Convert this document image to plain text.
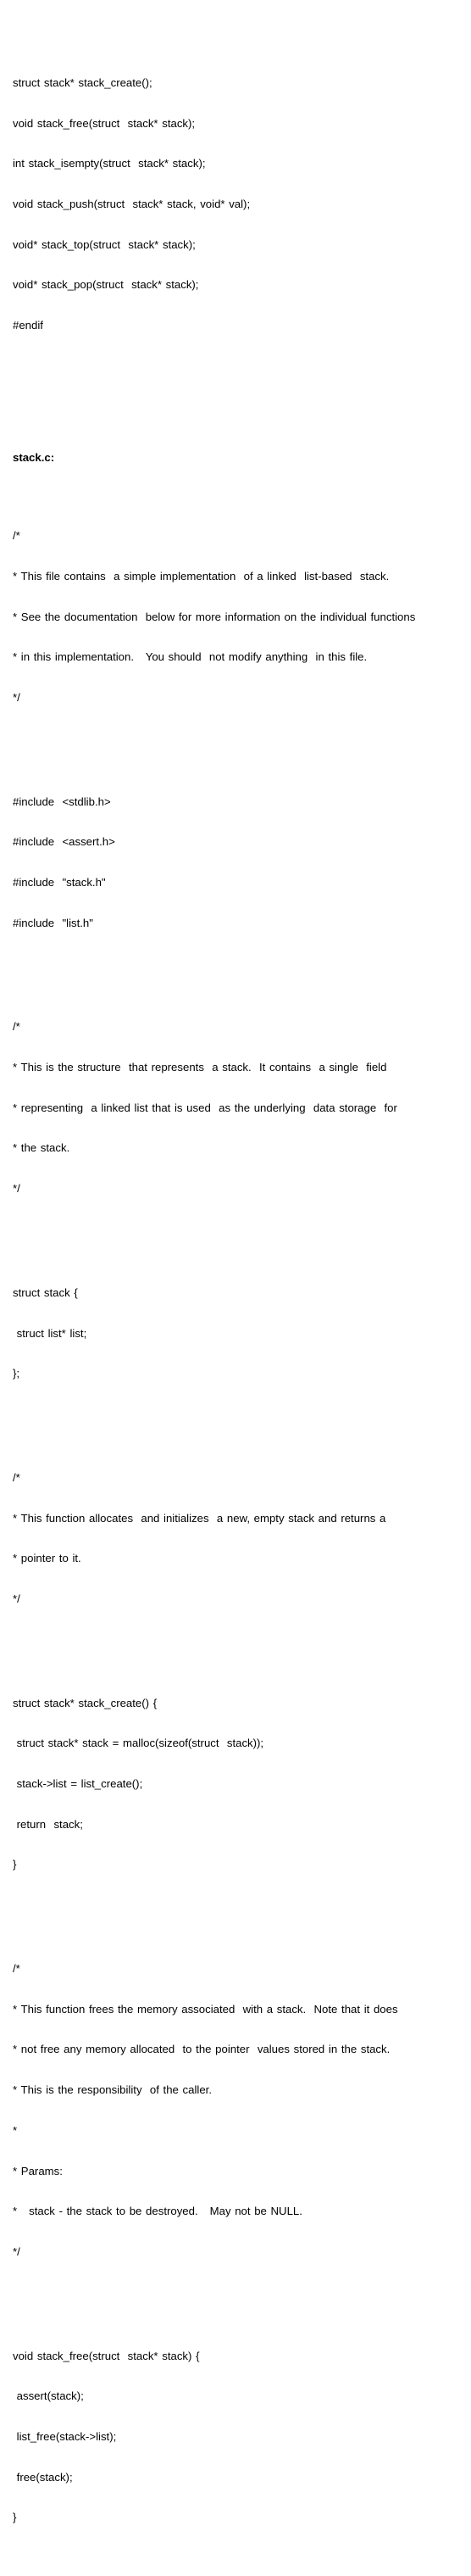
struct stack* stack_create();

void stack_free(struct  stack* stack);

int stack_isempty(struct  stack* stack);

void stack_push(struct  stack* stack, void* val);

void* stack_top(struct  stack* stack);

void* stack_pop(struct  stack* stack);

#endif

stack.c:

/*

* This file contains  a simple implementation  of a linked  list-based  stack.

* See the documentation  below for more information on the individual functions

* in this implementation.   You should  not modify anything  in this file.

*/

#include  <stdlib.h>

#include  <assert.h>

#include  "stack.h"

#include  "list.h"

/*

* This is the structure  that represents  a stack.  It contains  a single  field

* representing  a linked list that is used  as the underlying  data storage  for

* the stack.

*/

struct stack {

struct list* list;

};

/*

* This function allocates  and initializes  a new, empty stack and returns a

* pointer to it.

*/

struct stack* stack_create() {

struct stack* stack = malloc(sizeof(struct  stack));

stack->list = list_create();

return  stack;

}

/*

* This function frees the memory associated  with a stack.  Note that it does

* not free any memory allocated  to the pointer  values stored in the stack.

* This is the responsibility  of the caller.

*

* Params:

*   stack - the stack to be destroyed.   May not be NULL.

*/

void stack_free(struct  stack* stack) {

assert(stack);

list_free(stack->list);

free(stack);

}
